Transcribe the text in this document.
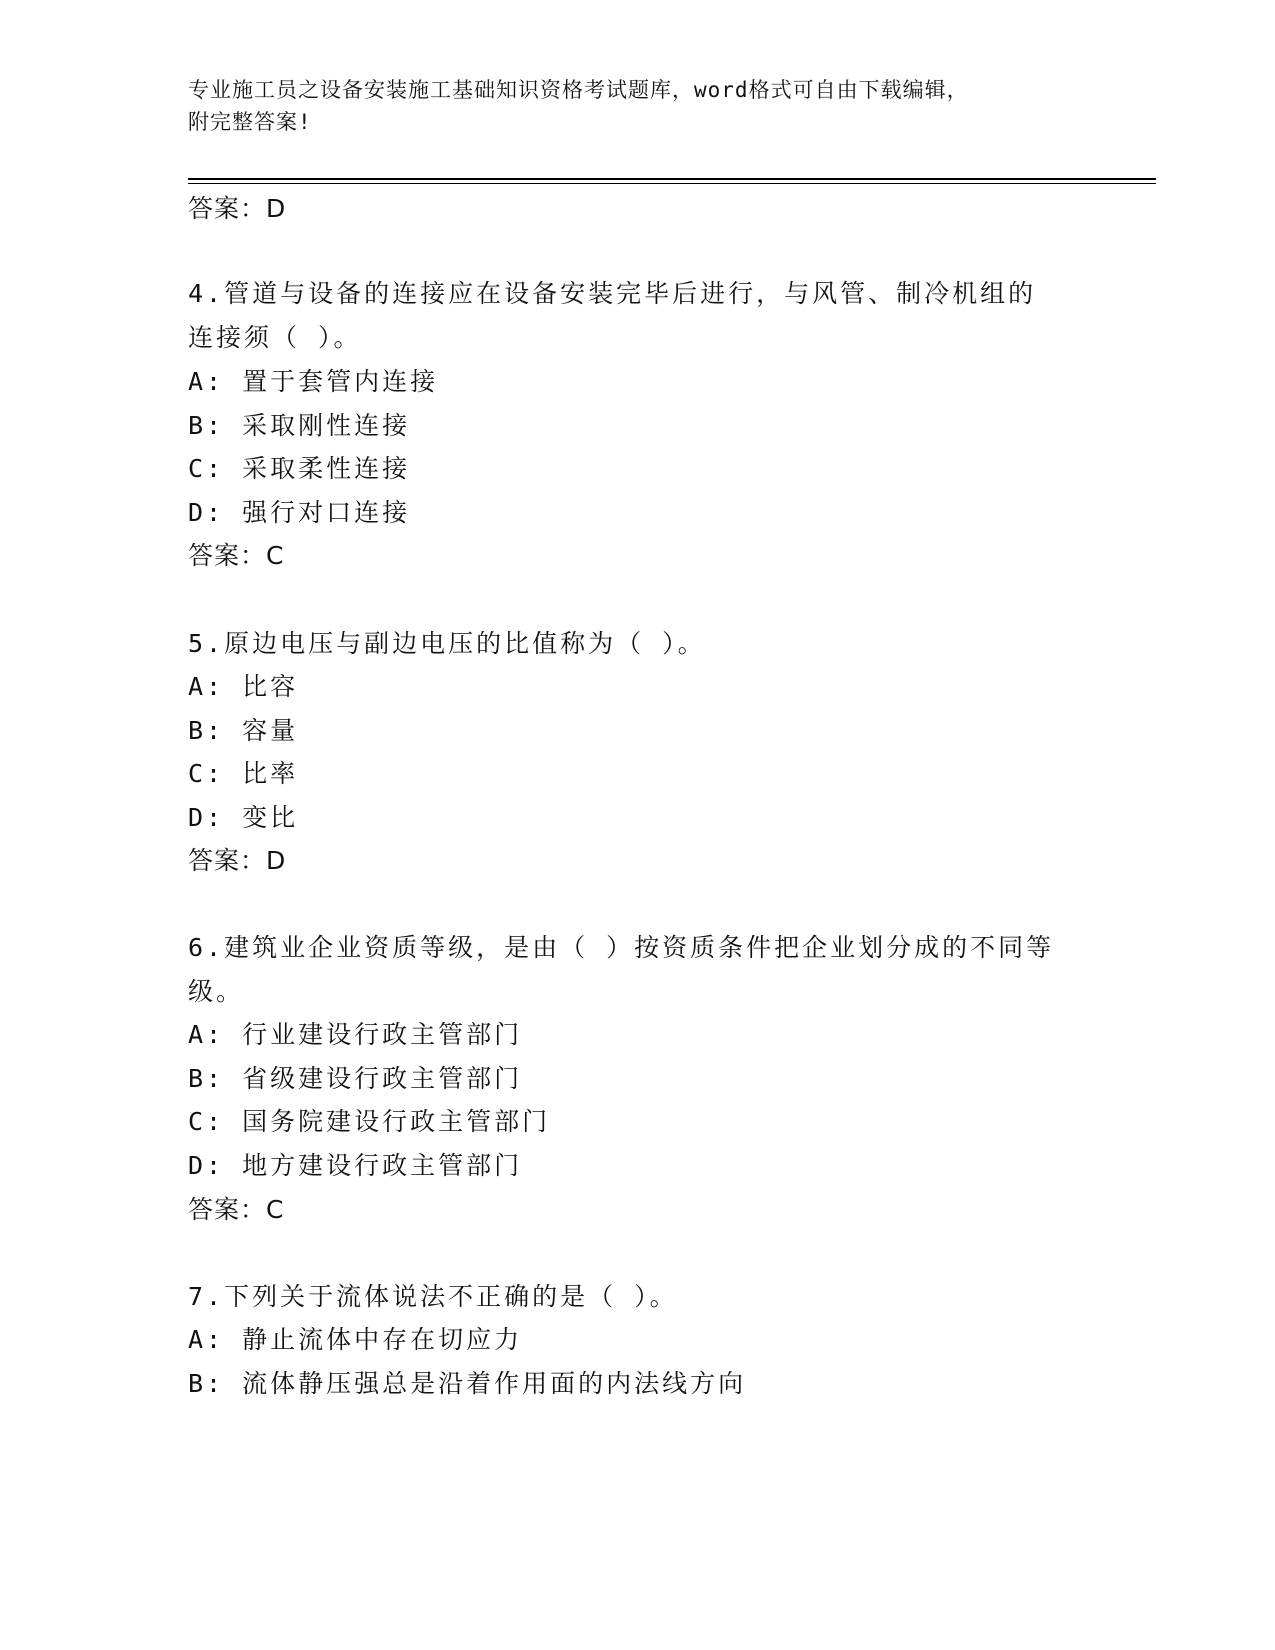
专业施工员之设备安装施工基础知识资格考试题库，word格式可自由下载编辑，
附完整答案!
答案：D
4.管道与设备的连接应在设备安装完毕后进行，与风管、制冷机组的
连接须（ ）。
A: 置于套管内连接
B: 采取刚性连接
C: 采取柔性连接
D: 强行对口连接
答案：C
5.原边电压与副边电压的比值称为（ ）。
A: 比容
B: 容量
C: 比率
D: 变比
答案：D
6.建筑业企业资质等级，是由（ ）按资质条件把企业划分成的不同等
级。
A: 行业建设行政主管部门
B: 省级建设行政主管部门
C: 国务院建设行政主管部门
D: 地方建设行政主管部门
答案：C
7.下列关于流体说法不正确的是（ ）。
A: 静止流体中存在切应力
B: 流体静压强总是沿着作用面的内法线方向
